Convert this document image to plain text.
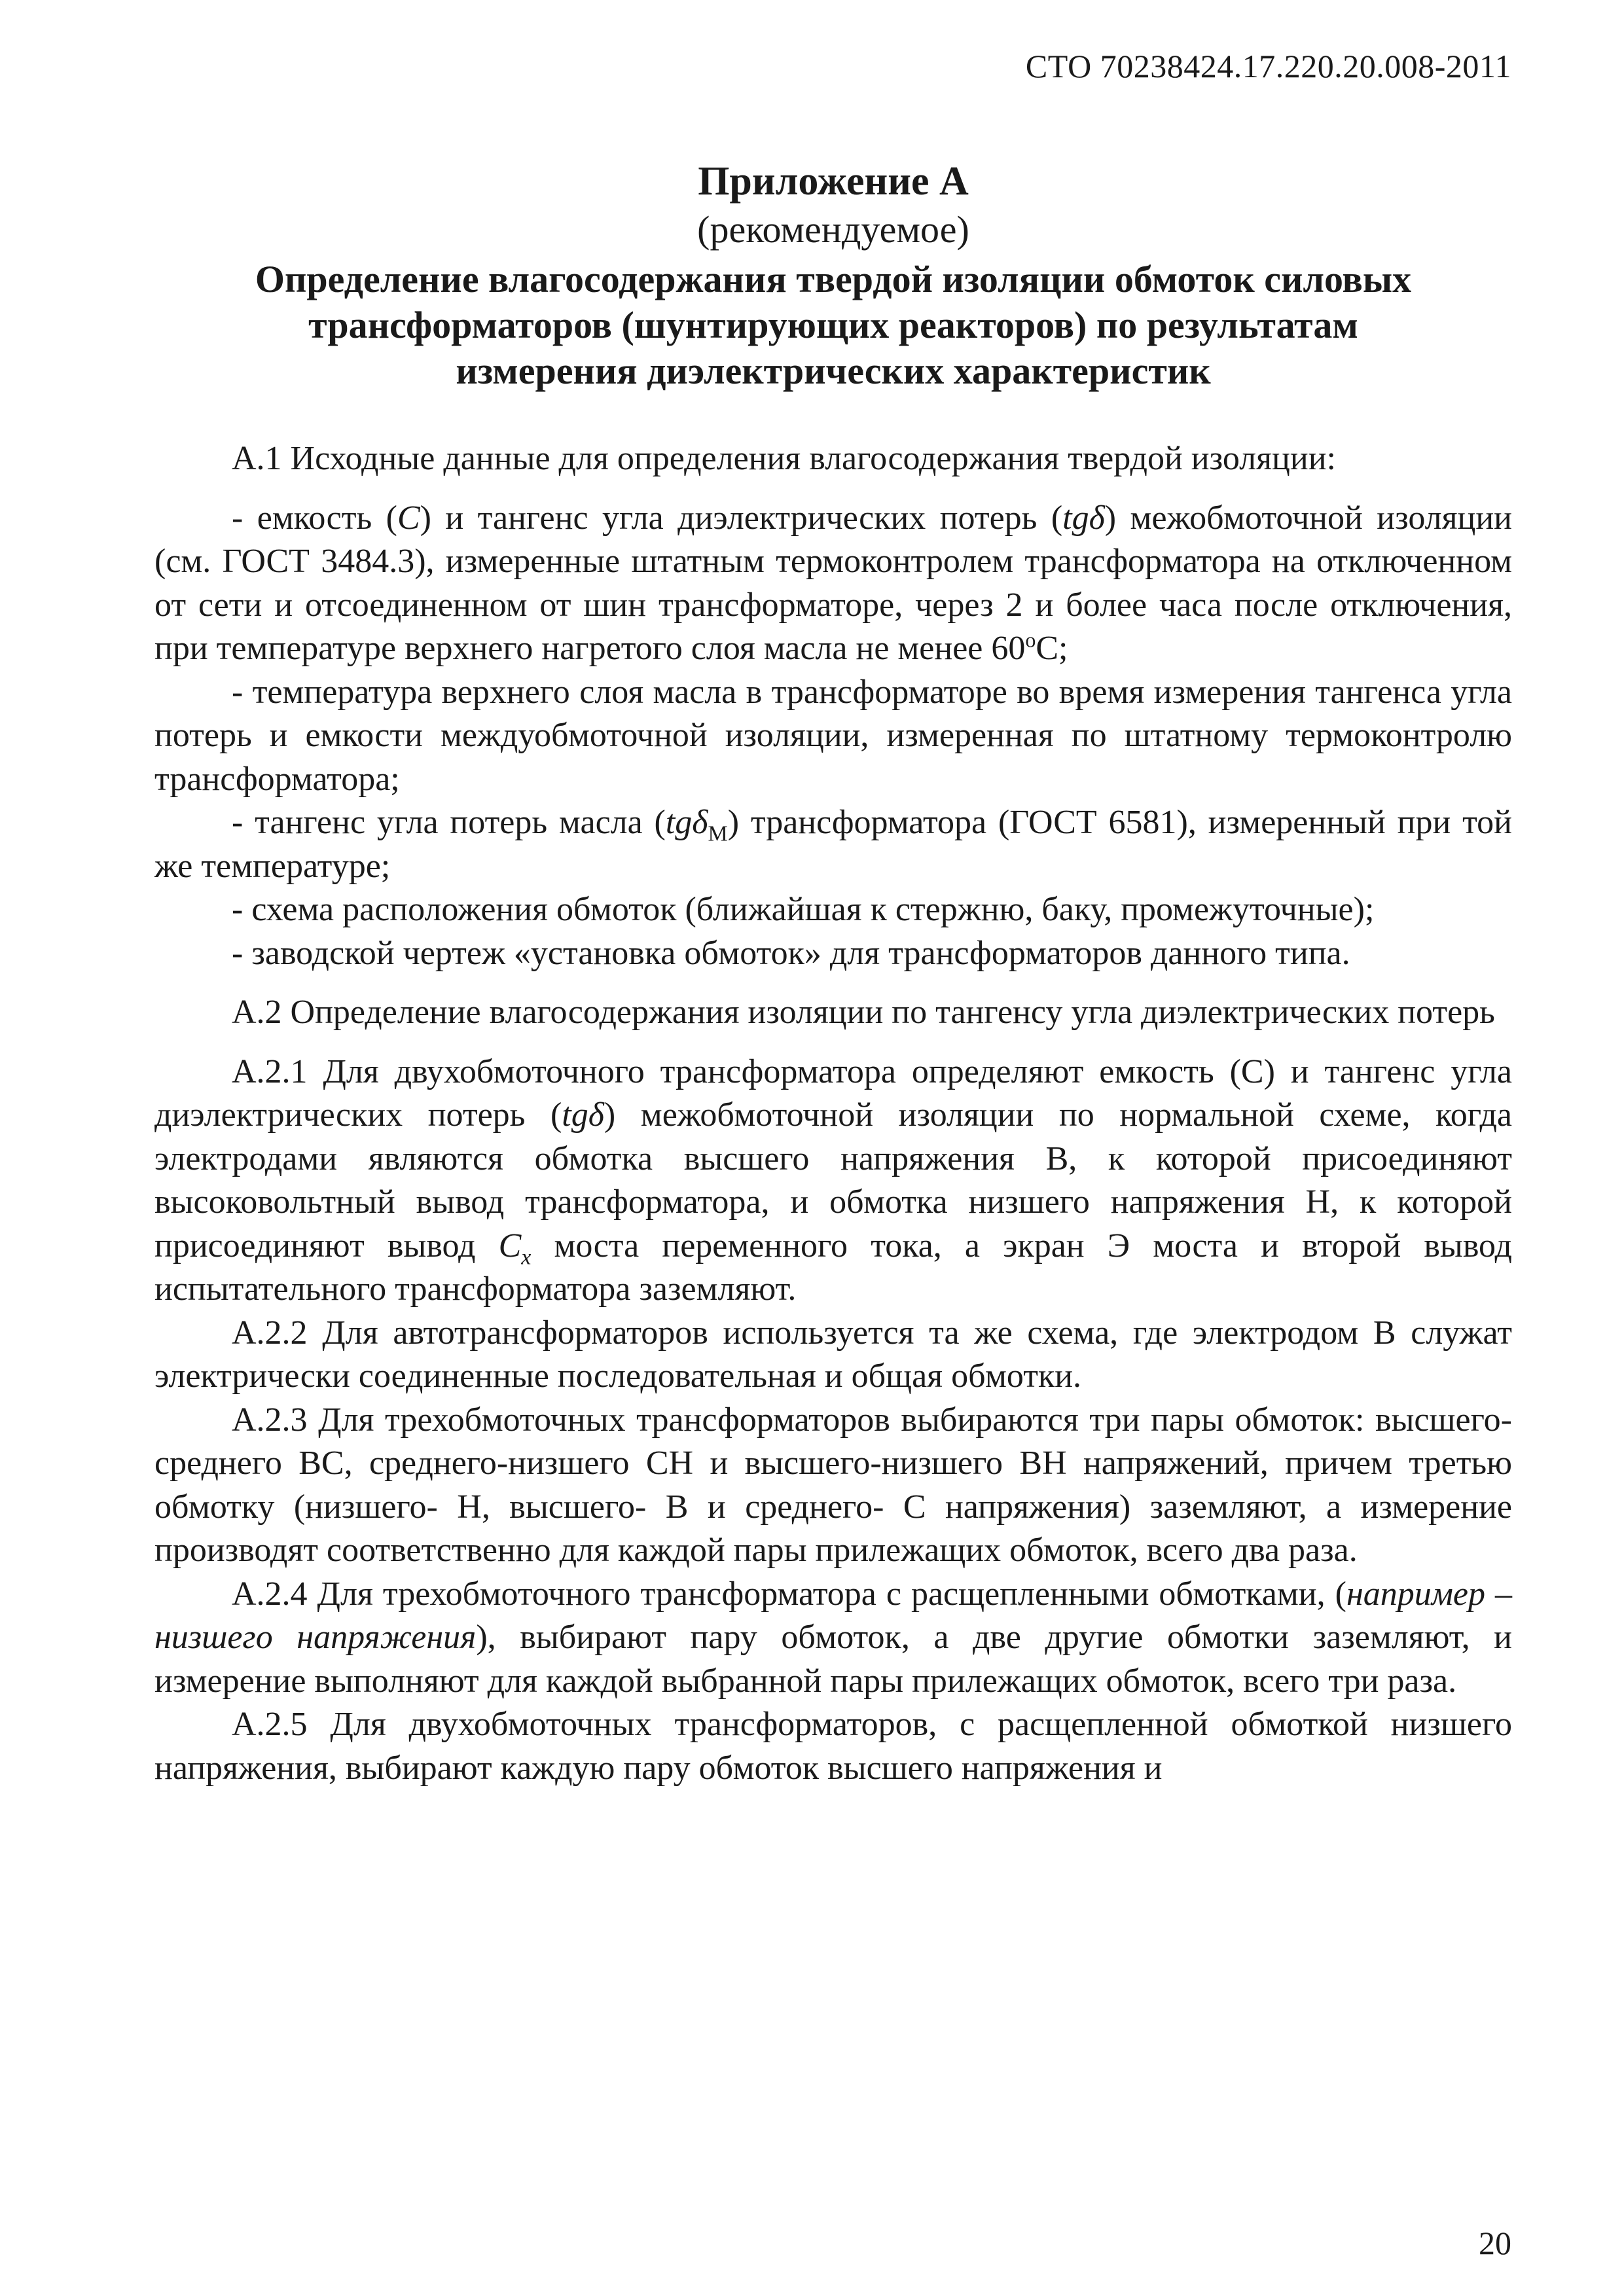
СТО 70238424.17.220.20.008-2011
Приложение А
(рекомендуемое)
Определение влагосодержания твердой изоляции обмоток силовых
трансформаторов (шунтирующих реакторов) по результатам
измерения диэлектрических характеристик

А.1 Исходные данные для определения влагосодержания твердой изоляции:

- емкость (С) и тангенс угла диэлектрических потерь (tgδ) межобмоточной изоляции (см. ГОСТ 3484.3), измеренные штатным термоконтролем трансформатора на отключенном от сети и отсоединенном от шин трансформаторе, через 2 и более часа после отключения, при температуре верхнего нагретого слоя масла не менее 60$^o$С;

- температура верхнего слоя масла в трансформаторе во время измерения тангенса угла потерь и емкости междуобмоточной изоляции, измеренная по штатному термоконтролю трансформатора;

- тангенс угла потерь масла (tgδ$_M$) трансформатора (ГОСТ 6581), измеренный при той же температуре;

- схема расположения обмоток (ближайшая к стержню, баку, промежуточные);

- заводской чертеж «установка обмоток» для трансформаторов данного типа.

А.2 Определение влагосодержания изоляции по тангенсу угла диэлектрических потерь

А.2.1 Для двухобмоточного трансформатора определяют емкость (С) и тангенс угла диэлектрических потерь (tgδ) межобмоточной изоляции по нормальной схеме, когда электродами являются обмотка высшего напряжения В, к которой присоединяют высоковольтный вывод трансформатора, и обмотка низшего напряжения Н, к которой присоединяют вывод $C_x$ моста переменного тока, а экран Э моста и второй вывод испытательного трансформатора заземляют.

А.2.2 Для автотрансформаторов используется та же схема, где электродом В служат электрически соединенные последовательная и общая обмотки.

А.2.3 Для трехобмоточных трансформаторов выбираются три пары обмоток: высшего-среднего ВС, среднего-низшего СН и высшего-низшего ВН напряжений, причем третью обмотку (низшего- Н, высшего- В и среднего- С напряжения) заземляют, а измерение производят соответственно для каждой пары прилежащих обмоток, всего два раза.

А.2.4 Для трехобмоточного трансформатора с расщепленными обмотками, (например – низшего напряжения), выбирают пару обмоток, а две другие обмотки заземляют, и измерение выполняют для каждой выбранной пары прилежащих обмоток, всего три раза.

А.2.5 Для двухобмоточных трансформаторов, с расщепленной обмоткой низшего напряжения, выбирают каждую пару обмоток высшего напряжения и

20
